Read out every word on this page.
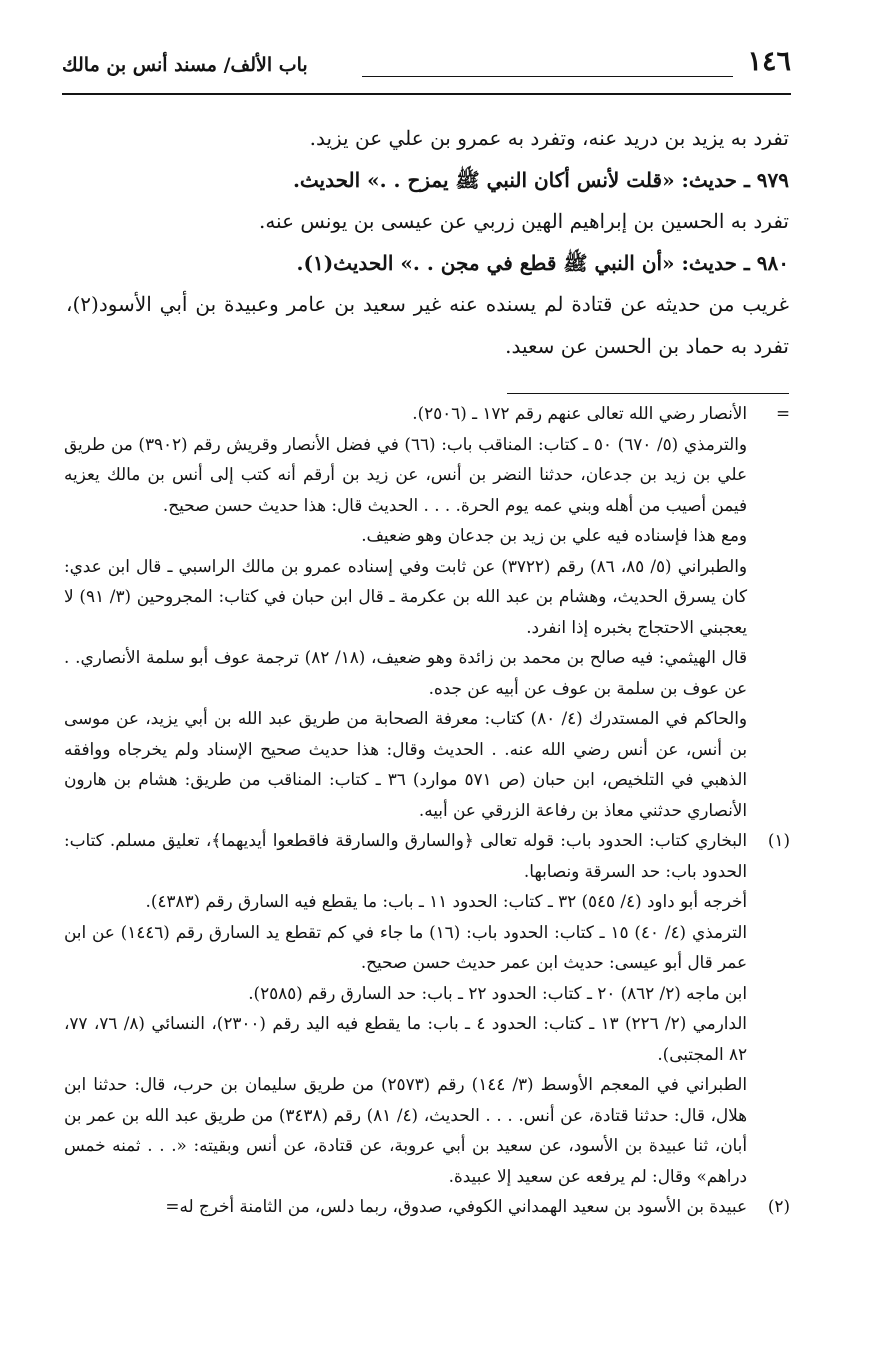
١٤٦
باب الألف/ مسند أنس بن مالك

تفرد به يزيد بن دريد عنه، وتفرد به عمرو بن علي عن يزيد.

٩٧٩ ـ حديث: «قلت لأنس أكان النبي ﷺ يمزح . .» الحديث.

تفرد به الحسين بن إبراهيم الهين زربي عن عيسى بن يونس عنه.

٩٨٠ ـ حديث: «أن النبي ﷺ قطع في مجن . .» الحديث(١).

غريب من حديثه عن قتادة لم يسنده عنه غير سعيد بن عامر وعبيدة بن أبي الأسود(٢)، تفرد به حماد بن الحسن عن سعيد.

=
الأنصار رضي الله تعالى عنهم رقم ١٧٢ ـ (٢٥٠٦).

والترمذي (٥/ ٦٧٠) ٥٠ ـ كتاب: المناقب باب: (٦٦) في فضل الأنصار وقريش رقم (٣٩٠٢) من طريق علي بن زيد بن جدعان، حدثنا النضر بن أنس، عن زيد بن أرقم أنه كتب إلى أنس بن مالك يعزيه فيمن أصيب من أهله وبني عمه يوم الحرة. . . . الحديث قال: هذا حديث حسن صحيح.

ومع هذا فإسناده فيه علي بن زيد بن جدعان وهو ضعيف.

والطبراني (٥/ ٨٥، ٨٦) رقم (٣٧٢٢) عن ثابت وفي إسناده عمرو بن مالك الراسبي ـ قال ابن عدي: كان يسرق الحديث، وهشام بن عبد الله بن عكرمة ـ قال ابن حبان في كتاب: المجروحين (٣/ ٩١) لا يعجبني الاحتجاج بخبره إذا انفرد.

قال الهيثمي: فيه صالح بن محمد بن زائدة وهو ضعيف، (١٨/ ٨٢) ترجمة عوف أبو سلمة الأنصاري. . عن عوف بن سلمة بن عوف عن أبيه عن جده.

والحاكم في المستدرك (٤/ ٨٠) كتاب: معرفة الصحابة من طريق عبد الله بن أبي يزيد، عن موسى بن أنس، عن أنس رضي الله عنه. . الحديث وقال: هذا حديث صحيح الإسناد ولم يخرجاه ووافقه الذهبي في التلخيص، ابن حبان (ص ٥٧١ موارد) ٣٦ ـ كتاب: المناقب من طريق: هشام بن هارون الأنصاري حدثني معاذ بن رفاعة الزرقي عن أبيه.

(١)
البخاري كتاب: الحدود باب: قوله تعالى ﴿والسارق والسارقة فاقطعوا أيديهما﴾، تعليق مسلم. كتاب: الحدود باب: حد السرقة ونصابها.

أخرجه أبو داود (٤/ ٥٤٥) ٣٢ ـ كتاب: الحدود ١١ ـ باب: ما يقطع فيه السارق رقم (٤٣٨٣).

الترمذي (٤/ ٤٠) ١٥ ـ كتاب: الحدود باب: (١٦) ما جاء في كم تقطع يد السارق رقم (١٤٤٦) عن ابن عمر قال أبو عيسى: حديث ابن عمر حديث حسن صحيح.

ابن ماجه (٢/ ٨٦٢) ٢٠ ـ كتاب: الحدود ٢٢ ـ باب: حد السارق رقم (٢٥٨٥).

الدارمي (٢/ ٢٢٦) ١٣ ـ كتاب: الحدود ٤ ـ باب: ما يقطع فيه اليد رقم (٢٣٠٠)، النسائي (٨/ ٧٦، ٧٧، ٨٢ المجتبى).

الطبراني في المعجم الأوسط (٣/ ١٤٤) رقم (٢٥٧٣) من طريق سليمان بن حرب، قال: حدثنا ابن هلال، قال: حدثنا قتادة، عن أنس. . . . الحديث، (٤/ ٨١) رقم (٣٤٣٨) من طريق عبد الله بن عمر بن أبان، ثنا عبيدة بن الأسود، عن سعيد بن أبي عروبة، عن قتادة، عن أنس وبقيته: «. . . ثمنه خمس دراهم» وقال: لم يرفعه عن سعيد إلا عبيدة.

(٢)
عبيدة بن الأسود بن سعيد الهمداني الكوفي، صدوق، ربما دلس، من الثامنة أخرج له=
